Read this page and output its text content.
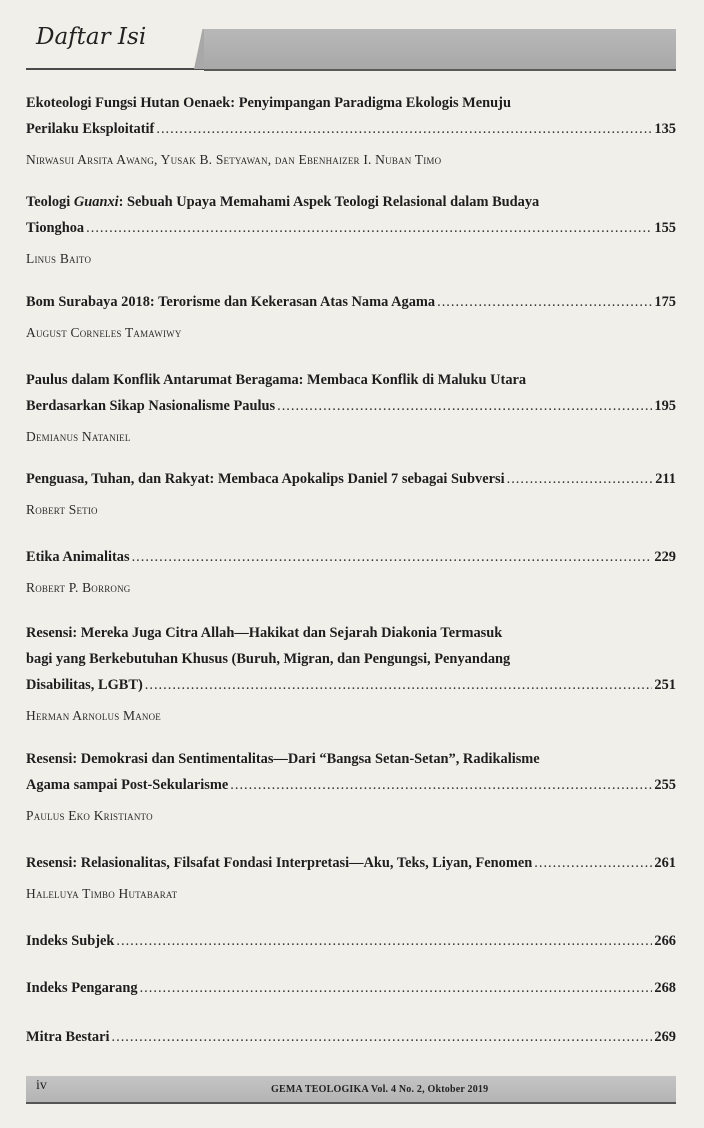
Daftar Isi
Ekoteologi Fungsi Hutan Oenaek: Penyimpangan Paradigma Ekologis Menuju
Perilaku Eksploitatif .....	135
Nirwasui Arsita Awang, Yusak B. Setyawan, dan Ebenhaizer I. Nuban Timo
Teologi Guanxi: Sebuah Upaya Memahami Aspek Teologi Relasional dalam Budaya
Tionghoa .....	155
Linus Baito
Bom Surabaya 2018: Terorisme dan Kekerasan Atas Nama Agama .....	175
August Corneles Tamawiwy
Paulus dalam Konflik Antarumat Beragama: Membaca Konflik di Maluku Utara
Berdasarkan Sikap Nasionalisme Paulus .....	195
Demianus Nataniel
Penguasa, Tuhan, dan Rakyat: Membaca Apokalips Daniel 7 sebagai Subversi .....	211
Robert Setio
Etika Animalitas .....	229
Robert P. Borrong
Resensi: Mereka Juga Citra Allah—Hakikat dan Sejarah Diakonia Termasuk
bagi yang Berkebutuhan Khusus (Buruh, Migran, dan Pengungsi, Penyandang
Disabilitas, LGBT) .....	251
Herman Arnolus Manoe
Resensi: Demokrasi dan Sentimentalitas—Dari “Bangsa Setan-Setan”, Radikalisme
Agama sampai Post-Sekularisme .....	255
Paulus Eko Kristianto
Resensi: Relasionalitas, Filsafat Fondasi Interpretasi—Aku, Teks, Liyan, Fenomen .....	261
Haleluya Timbo Hutabarat
Indeks Subjek .....	266
Indeks Pengarang .....	268
Mitra Bestari .....	269
iv	GEMA TEOLOGIKA Vol. 4 No. 2, Oktober 2019
